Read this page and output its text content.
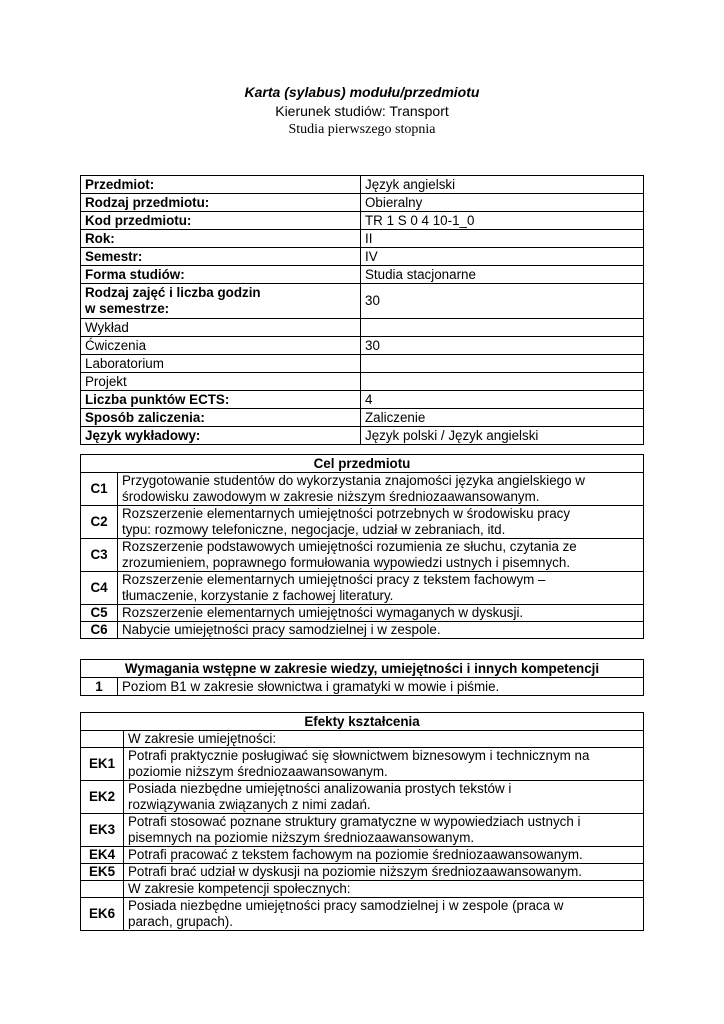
Karta (sylabus) modułu/przedmiotu
Kierunek studiów: Transport
Studia pierwszego stopnia
Przedmiot:	Język angielski
Rodzaj przedmiotu:	Obieralny
Kod przedmiotu:	TR 1 S 0 4 10-1_0
Rok:	II
Semestr:	IV
Forma studiów:	Studia stacjonarne
Rodzaj zajęć i liczba godzin
w semestrze:	30
Wykład	
Ćwiczenia	30
Laboratorium	
Projekt	
Liczba punktów ECTS:	4
Sposób zaliczenia:	Zaliczenie
Język wykładowy:	Język polski / Język angielski
Cel przedmiotu	
C1	Przygotowanie studentów do wykorzystania znajomości języka angielskiego w
środowisku zawodowym w zakresie niższym średniozaawansowanym.
C2	Rozszerzenie elementarnych umiejętności potrzebnych w środowisku pracy
typu: rozmowy telefoniczne, negocjacje, udział w zebraniach, itd.
C3	Rozszerzenie podstawowych umiejętności rozumienia ze słuchu, czytania ze
zrozumieniem, poprawnego formułowania wypowiedzi ustnych i pisemnych.
C4	Rozszerzenie elementarnych umiejętności pracy z tekstem fachowym –
tłumaczenie, korzystanie z fachowej literatury.
C5	Rozszerzenie elementarnych umiejętności wymaganych w dyskusji.
C6	Nabycie umiejętności pracy samodzielnej i w zespole.
Wymagania wstępne w zakresie wiedzy, umiejętności i innych kompetencji
1	Poziom B1 w zakresie słownictwa i gramatyki w mowie i piśmie.
Efekty kształcenia	
	W zakresie umiejętności:
EK1	Potrafi praktycznie posługiwać się słownictwem biznesowym i technicznym na
poziomie niższym średniozaawansowanym.
EK2	Posiada niezbędne umiejętności analizowania prostych tekstów i
rozwiązywania związanych z nimi zadań.
EK3	Potrafi stosować poznane struktury gramatyczne w wypowiedziach ustnych i
pisemnych na poziomie niższym średniozaawansowanym.
EK4	Potrafi pracować z tekstem fachowym na poziomie średniozaawansowanym.
EK5	Potrafi brać udział w dyskusji na poziomie niższym średniozaawansowanym.
	W zakresie kompetencji społecznych:
EK6	Posiada niezbędne umiejętności pracy samodzielnej i w zespole (praca w
parach, grupach).
